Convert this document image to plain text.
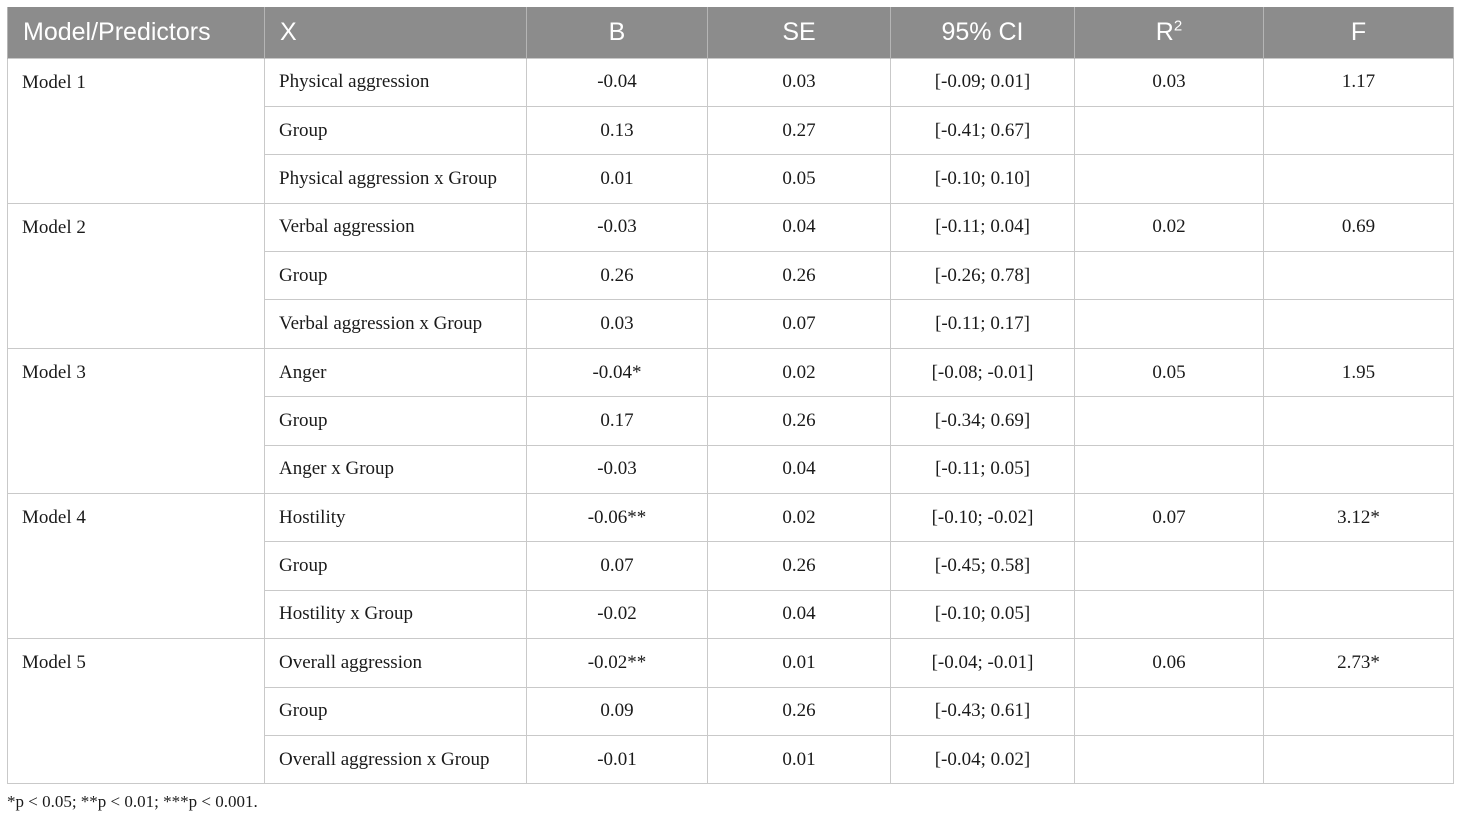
Model/Predictors	X	B	SE	95% CI	$R^2$	F
Model 1	Physical aggression	-0.04	0.03	[-0.09; 0.01]	0.03	1.17
	Group	0.13	0.27	[-0.41; 0.67]		
	Physical aggression x Group	0.01	0.05	[-0.10; 0.10]		
Model 2	Verbal aggression	-0.03	0.04	[-0.11; 0.04]	0.02	0.69
	Group	0.26	0.26	[-0.26; 0.78]		
	Verbal aggression x Group	0.03	0.07	[-0.11; 0.17]		
Model 3	Anger	-0.04*	0.02	[-0.08; -0.01]	0.05	1.95
	Group	0.17	0.26	[-0.34; 0.69]		
	Anger x Group	-0.03	0.04	[-0.11; 0.05]		
Model 4	Hostility	-0.06**	0.02	[-0.10; -0.02]	0.07	3.12*
	Group	0.07	0.26	[-0.45; 0.58]		
	Hostility x Group	-0.02	0.04	[-0.10; 0.05]		
Model 5	Overall aggression	-0.02**	0.01	[-0.04; -0.01]	0.06	2.73*
	Group	0.09	0.26	[-0.43; 0.61]		
	Overall aggression x Group	-0.01	0.01	[-0.04; 0.02]		
*p < 0.05; **p < 0.01; ***p < 0.001.
